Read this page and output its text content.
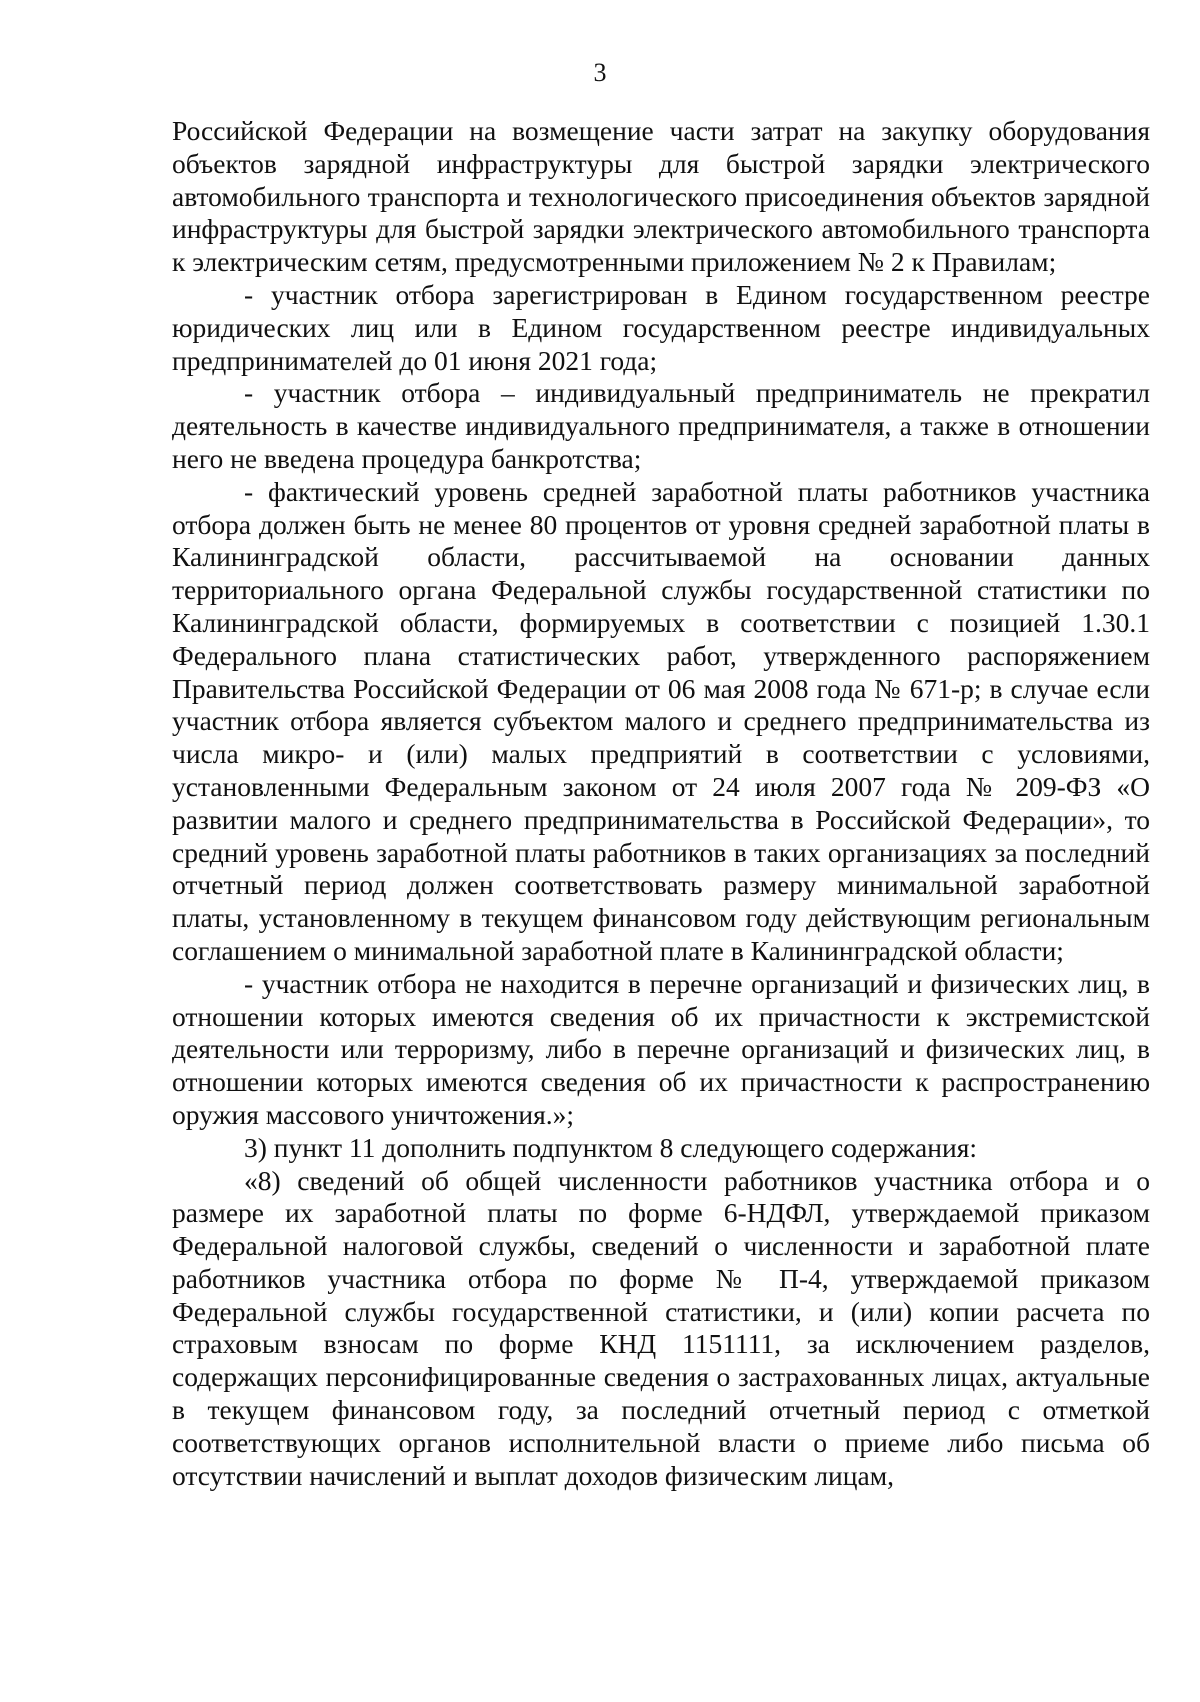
3

Российской Федерации на возмещение части затрат на закупку оборудования объектов зарядной инфраструктуры для быстрой зарядки электрического автомобильного транспорта и технологического присоединения объектов зарядной инфраструктуры для быстрой зарядки электрического автомобильного транспорта к электрическим сетям, предусмотренными приложением № 2 к Правилам;

- участник отбора зарегистрирован в Едином государственном реестре юридических лиц или в Едином государственном реестре индивидуальных предпринимателей до 01 июня 2021 года;

- участник отбора – индивидуальный предприниматель не прекратил деятельность в качестве индивидуального предпринимателя, а также в отношении него не введена процедура банкротства;

- фактический уровень средней заработной платы работников участника отбора должен быть не менее 80 процентов от уровня средней заработной платы в Калининградской области, рассчитываемой на основании данных территориального органа Федеральной службы государственной статистики по Калининградской области, формируемых в соответствии с позицией 1.30.1 Федерального плана статистических работ, утвержденного распоряжением Правительства Российской Федерации от 06 мая 2008 года № 671-р; в случае если участник отбора является субъектом малого и среднего предпринимательства из числа микро- и (или) малых предприятий в соответствии с условиями, установленными Федеральным законом от 24 июля 2007 года № 209-ФЗ «О развитии малого и среднего предпринимательства в Российской Федерации», то средний уровень заработной платы работников в таких организациях за последний отчетный период должен соответствовать размеру минимальной заработной платы, установленному в текущем финансовом году действующим региональным соглашением о минимальной заработной плате в Калининградской области;

- участник отбора не находится в перечне организаций и физических лиц, в отношении которых имеются сведения об их причастности к экстремистской деятельности или терроризму, либо в перечне организаций и физических лиц, в отношении которых имеются сведения об их причастности к распространению оружия массового уничтожения.»;

3) пункт 11 дополнить подпунктом 8 следующего содержания:

«8) сведений об общей численности работников участника отбора и о размере их заработной платы по форме 6-НДФЛ, утверждаемой приказом Федеральной налоговой службы, сведений о численности и заработной плате работников участника отбора по форме № П-4, утверждаемой приказом Федеральной службы государственной статистики, и (или) копии расчета по страховым взносам по форме КНД 1151111, за исключением разделов, содержащих персонифицированные сведения о застрахованных лицах, актуальные в текущем финансовом году, за последний отчетный период с отметкой соответствующих органов исполнительной власти о приеме либо письма об отсутствии начислений и выплат доходов физическим лицам,
